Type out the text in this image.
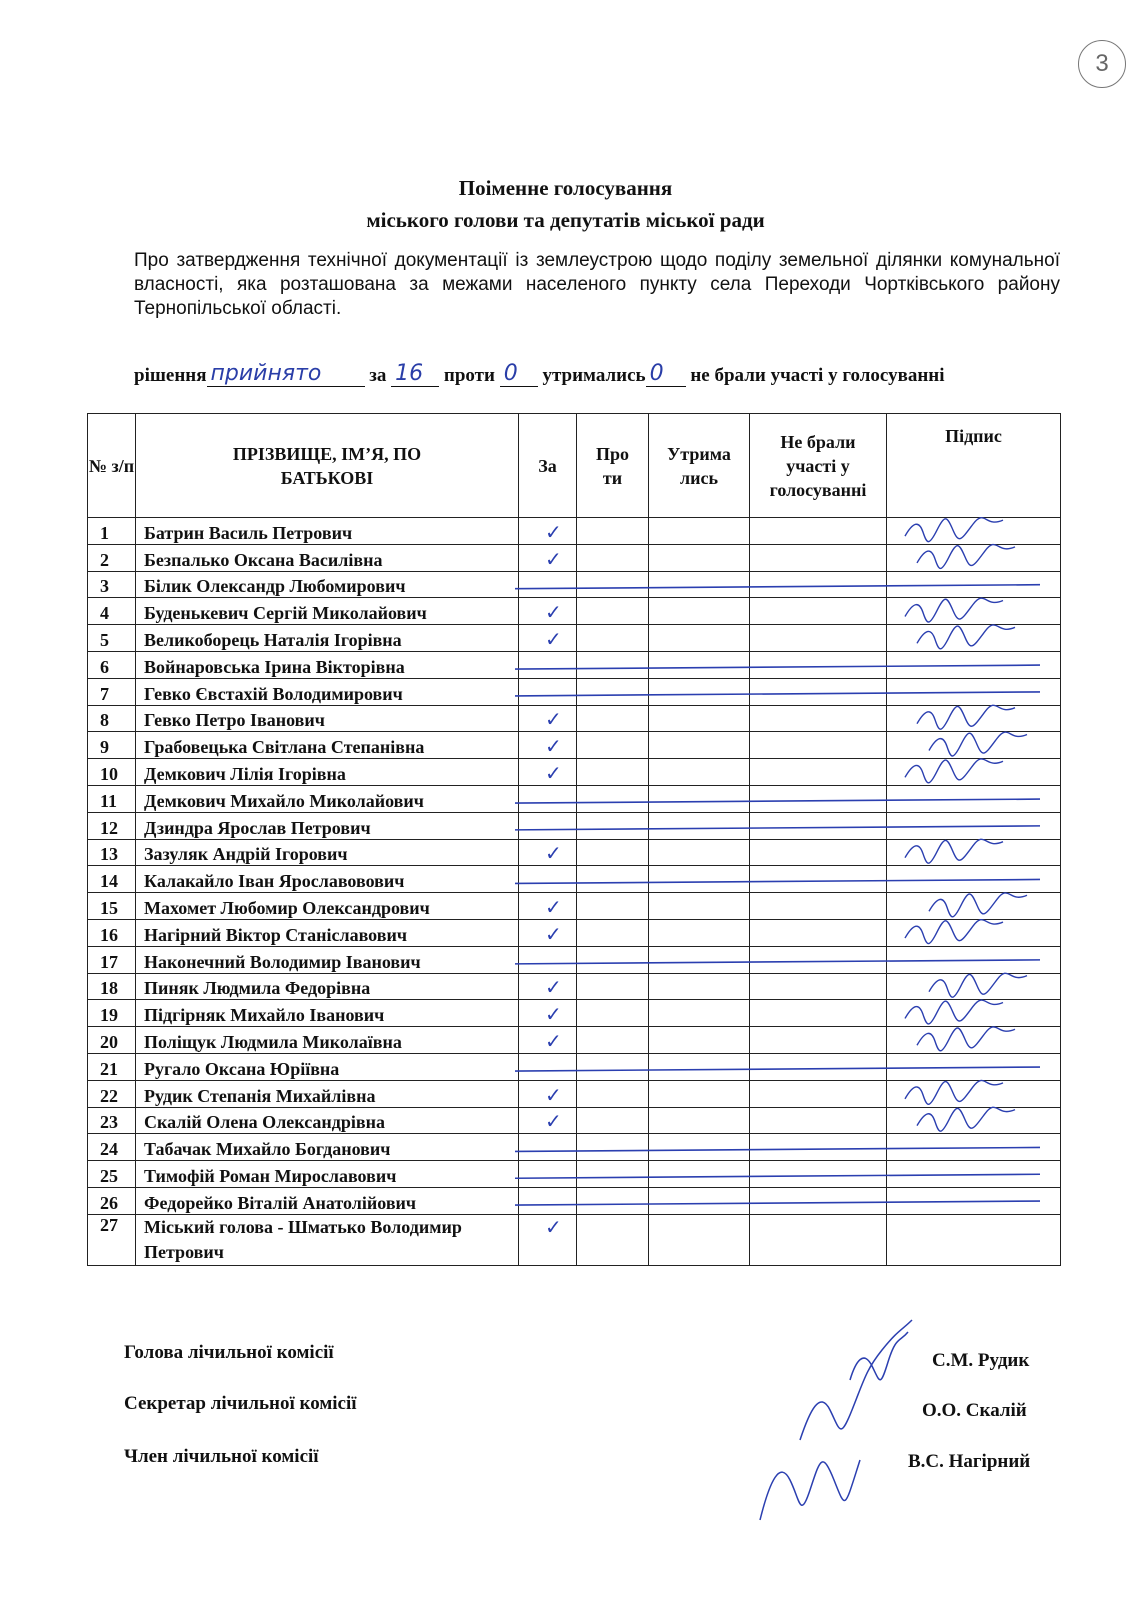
3
Поіменне голосування
міського голови та депутатів міської ради
Про затвердження технічної документації із землеустрою щодо поділу земельної ділянки комунальної власності, яка розташована за межами населеного пункту села Переходи Чортківського району Тернопільської області.
рішення прийнято	за 16 проти 0 утримались 0 не брали участі у голосуванні
№ з/п	ПРІЗВИЩЕ, ІМ’Я, ПО БАТЬКОВІ	За	Про ти	Утрима лись	Не брали участі у голосуванні	Підпис
1	Батрин Василь Петрович	✓				
2	Безпалько Оксана Василівна	✓				
3	Білик Олександр Любомирович					
4	Буденькевич Сергій Миколайович	✓				
5	Великоборець Наталія Ігорівна	✓				
6	Войнаровська Ірина Вікторівна					
7	Гевко Євстахій Володимирович					
8	Гевко Петро Іванович	✓				
9	Грабовецька Світлана Степанівна	✓				
10	Демкович Лілія Ігорівна	✓				
11	Демкович Михайло Миколайович					
12	Дзиндра Ярослав Петрович					
13	Зазуляк Андрій Ігорович	✓				
14	Калакайло Іван Ярославовович					
15	Махомет Любомир Олександрович	✓				
16	Нагірний Віктор Станіславович	✓				
17	Наконечний Володимир Іванович					
18	Пиняк Людмила Федорівна	✓				
19	Підгірняк Михайло Іванович	✓				
20	Поліщук Людмила Миколаївна	✓				
21	Ругало Оксана Юріївна					
22	Рудик Степанія Михайлівна	✓				
23	Скалій Олена Олександрівна	✓				
24	Табачак Михайло Богданович					
25	Тимофій Роман Мирославович					
26	Федорейко Віталій Анатолійович					
27	Міський голова - Шматько Володимир Петрович	✓				
Голова лічильної комісії	С.М. Рудик
Секретар лічильної комісії	О.О. Скалій
Член лічильної комісії	В.С. Нагірний
